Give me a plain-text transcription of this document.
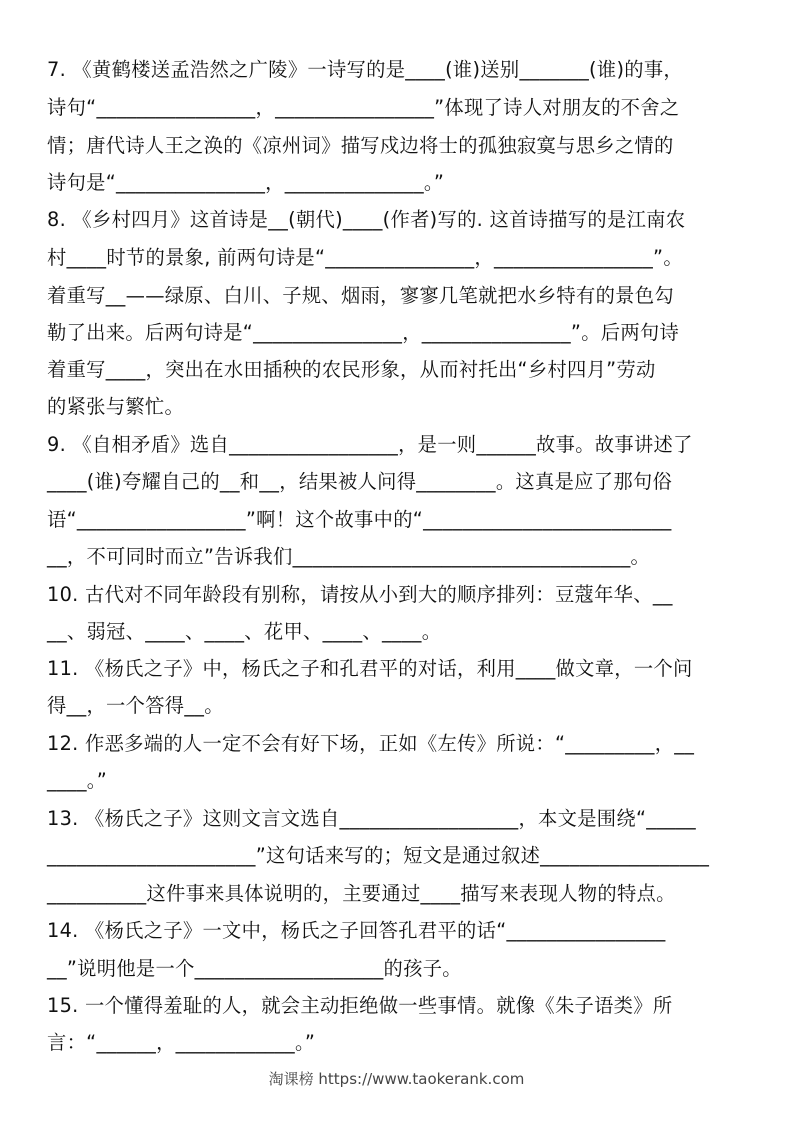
7. 《黄鹤楼送孟浩然之广陵》一诗写的是____(谁)送别_______(谁)的事，
诗句“________________，________________”体现了诗人对朋友的不舍之
情；唐代诗人王之涣的《凉州词》描写戍边将士的孤独寂寞与思乡之情的
诗句是“_______________，______________。”
8. 《乡村四月》这首诗是__(朝代)____(作者)写的. 这首诗描写的是江南农
村____时节的景象, 前两句诗是“_______________，________________”。
着重写__——绿原、白川、子规、烟雨，寥寥几笔就把水乡特有的景色勾
勒了出来。后两句诗是“_______________，_______________”。后两句诗
着重写____，突出在水田插秧的农民形象，从而衬托出“乡村四月”劳动
的紧张与繁忙。
9. 《自相矛盾》选自_________________，是一则______故事。故事讲述了
____(谁)夸耀自己的__和__，结果被人问得________。这真是应了那句俗
语“_________________”啊！这个故事中的“_________________________
__，不可同时而立”告诉我们__________________________________。
10. 古代对不同年龄段有别称，请按从小到大的顺序排列：豆蔻年华、__
__、弱冠、____、____、花甲、____、____。
11. 《杨氏之子》中，杨氏之子和孔君平的对话，利用____做文章，一个问
得__，一个答得__。
12. 作恶多端的人一定不会有好下场，正如《左传》所说：“_________，__
____。”
13. 《杨氏之子》这则文言文选自__________________，本文是围绕“_____
_____________________”这句话来写的；短文是通过叙述_________________
__________这件事来具体说明的，主要通过____描写来表现人物的特点。
14. 《杨氏之子》一文中，杨氏之子回答孔君平的话“________________
__”说明他是一个___________________的孩子。
15. 一个懂得羞耻的人，就会主动拒绝做一些事情。就像《朱子语类》所
言：“______，____________。”
淘课榜 https://www.taokerank.com
